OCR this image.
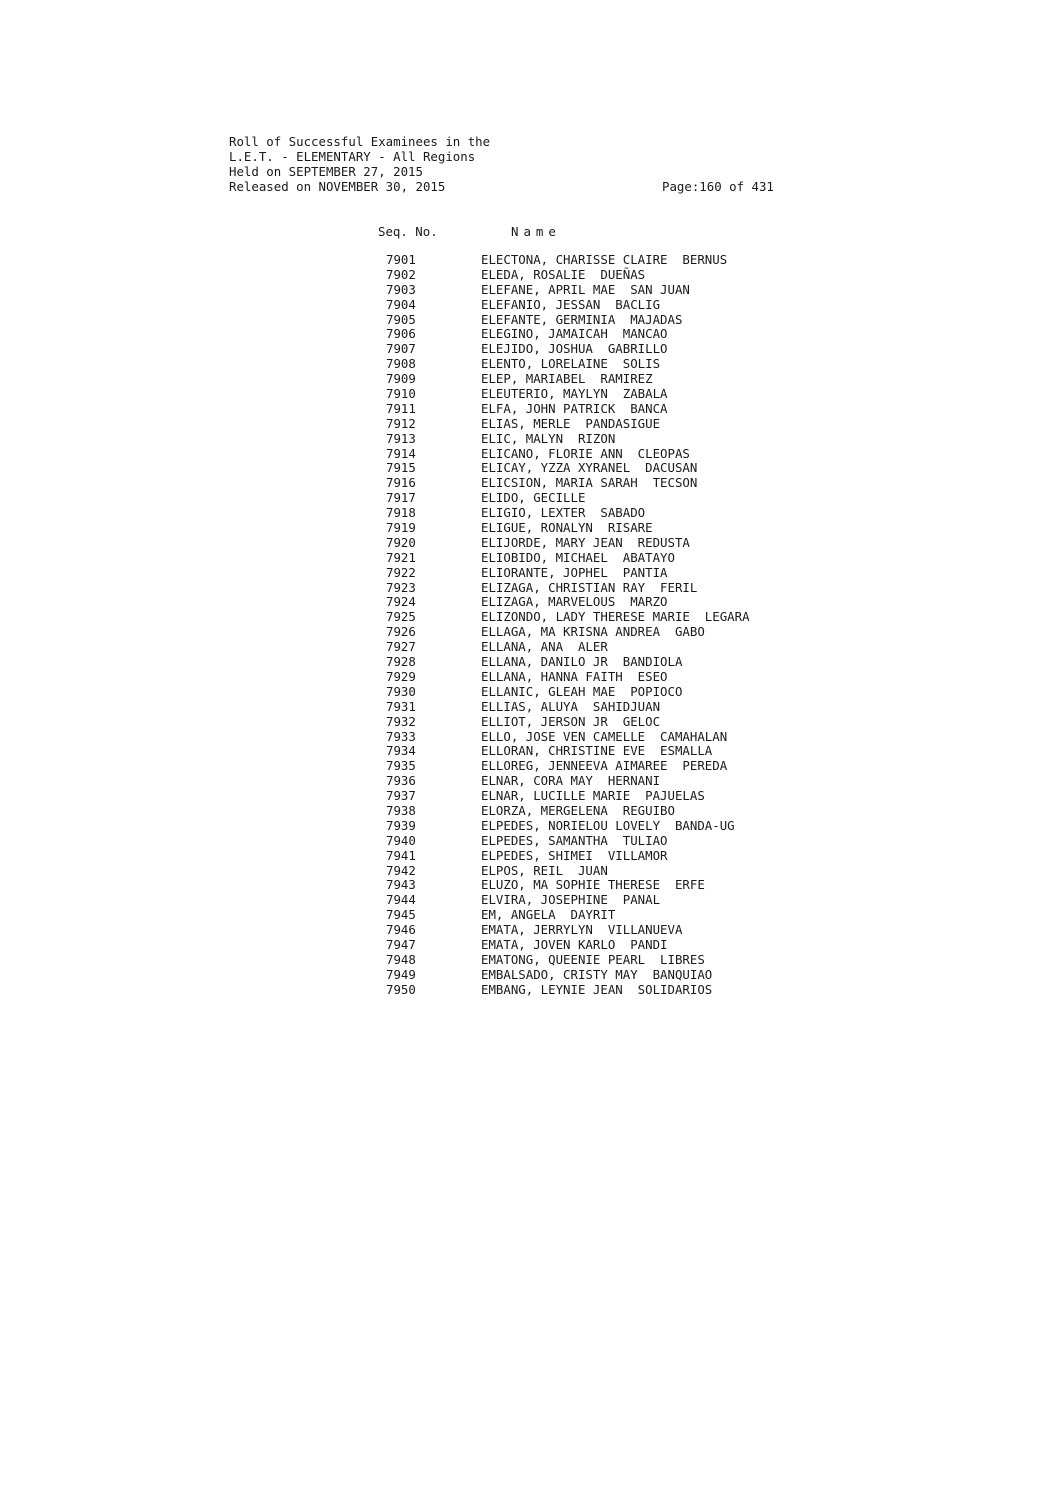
Roll of Successful Examinees in the
L.E.T. - ELEMENTARY - All Regions
Held on SEPTEMBER 27, 2015
Released on NOVEMBER 30, 2015	Page:160 of 431
Seq. No.	Name
7901	ELECTONA, CHARISSE CLAIRE  BERNUS
7902	ELEDA, ROSALIE  DUEÑAS
7903	ELEFANE, APRIL MAE  SAN JUAN
7904	ELEFANIO, JESSAN  BACLIG
7905	ELEFANTE, GERMINIA  MAJADAS
7906	ELEGINO, JAMAICAH  MANCAO
7907	ELEJIDO, JOSHUA  GABRILLO
7908	ELENTO, LORELAINE  SOLIS
7909	ELEP, MARIABEL  RAMIREZ
7910	ELEUTERIO, MAYLYN  ZABALA
7911	ELFA, JOHN PATRICK  BANCA
7912	ELIAS, MERLE  PANDASIGUE
7913	ELIC, MALYN  RIZON
7914	ELICANO, FLORIE ANN  CLEOPAS
7915	ELICAY, YZZA XYRANEL  DACUSAN
7916	ELICSION, MARIA SARAH  TECSON
7917	ELIDO, GECILLE
7918	ELIGIO, LEXTER  SABADO
7919	ELIGUE, RONALYN  RISARE
7920	ELIJORDE, MARY JEAN  REDUSTA
7921	ELIOBIDO, MICHAEL  ABATAYO
7922	ELIORANTE, JOPHEL  PANTIA
7923	ELIZAGA, CHRISTIAN RAY  FERIL
7924	ELIZAGA, MARVELOUS  MARZO
7925	ELIZONDO, LADY THERESE MARIE  LEGARA
7926	ELLAGA, MA KRISNA ANDREA  GABO
7927	ELLANA, ANA  ALER
7928	ELLANA, DANILO JR  BANDIOLA
7929	ELLANA, HANNA FAITH  ESEO
7930	ELLANIC, GLEAH MAE  POPIOCO
7931	ELLIAS, ALUYA  SAHIDJUAN
7932	ELLIOT, JERSON JR  GELOC
7933	ELLO, JOSE VEN CAMELLE  CAMAHALAN
7934	ELLORAN, CHRISTINE EVE  ESMALLA
7935	ELLOREG, JENNEEVA AIMAREE  PEREDA
7936	ELNAR, CORA MAY  HERNANI
7937	ELNAR, LUCILLE MARIE  PAJUELAS
7938	ELORZA, MERGELENA  REGUIBO
7939	ELPEDES, NORIELOU LOVELY  BANDA-UG
7940	ELPEDES, SAMANTHA  TULIAO
7941	ELPEDES, SHIMEI  VILLAMOR
7942	ELPOS, REIL  JUAN
7943	ELUZO, MA SOPHIE THERESE  ERFE
7944	ELVIRA, JOSEPHINE  PANAL
7945	EM, ANGELA  DAYRIT
7946	EMATA, JERRYLYN  VILLANUEVA
7947	EMATA, JOVEN KARLO  PANDI
7948	EMATONG, QUEENIE PEARL  LIBRES
7949	EMBALSADO, CRISTY MAY  BANQUIAO
7950	EMBANG, LEYNIE JEAN  SOLIDARIOS
